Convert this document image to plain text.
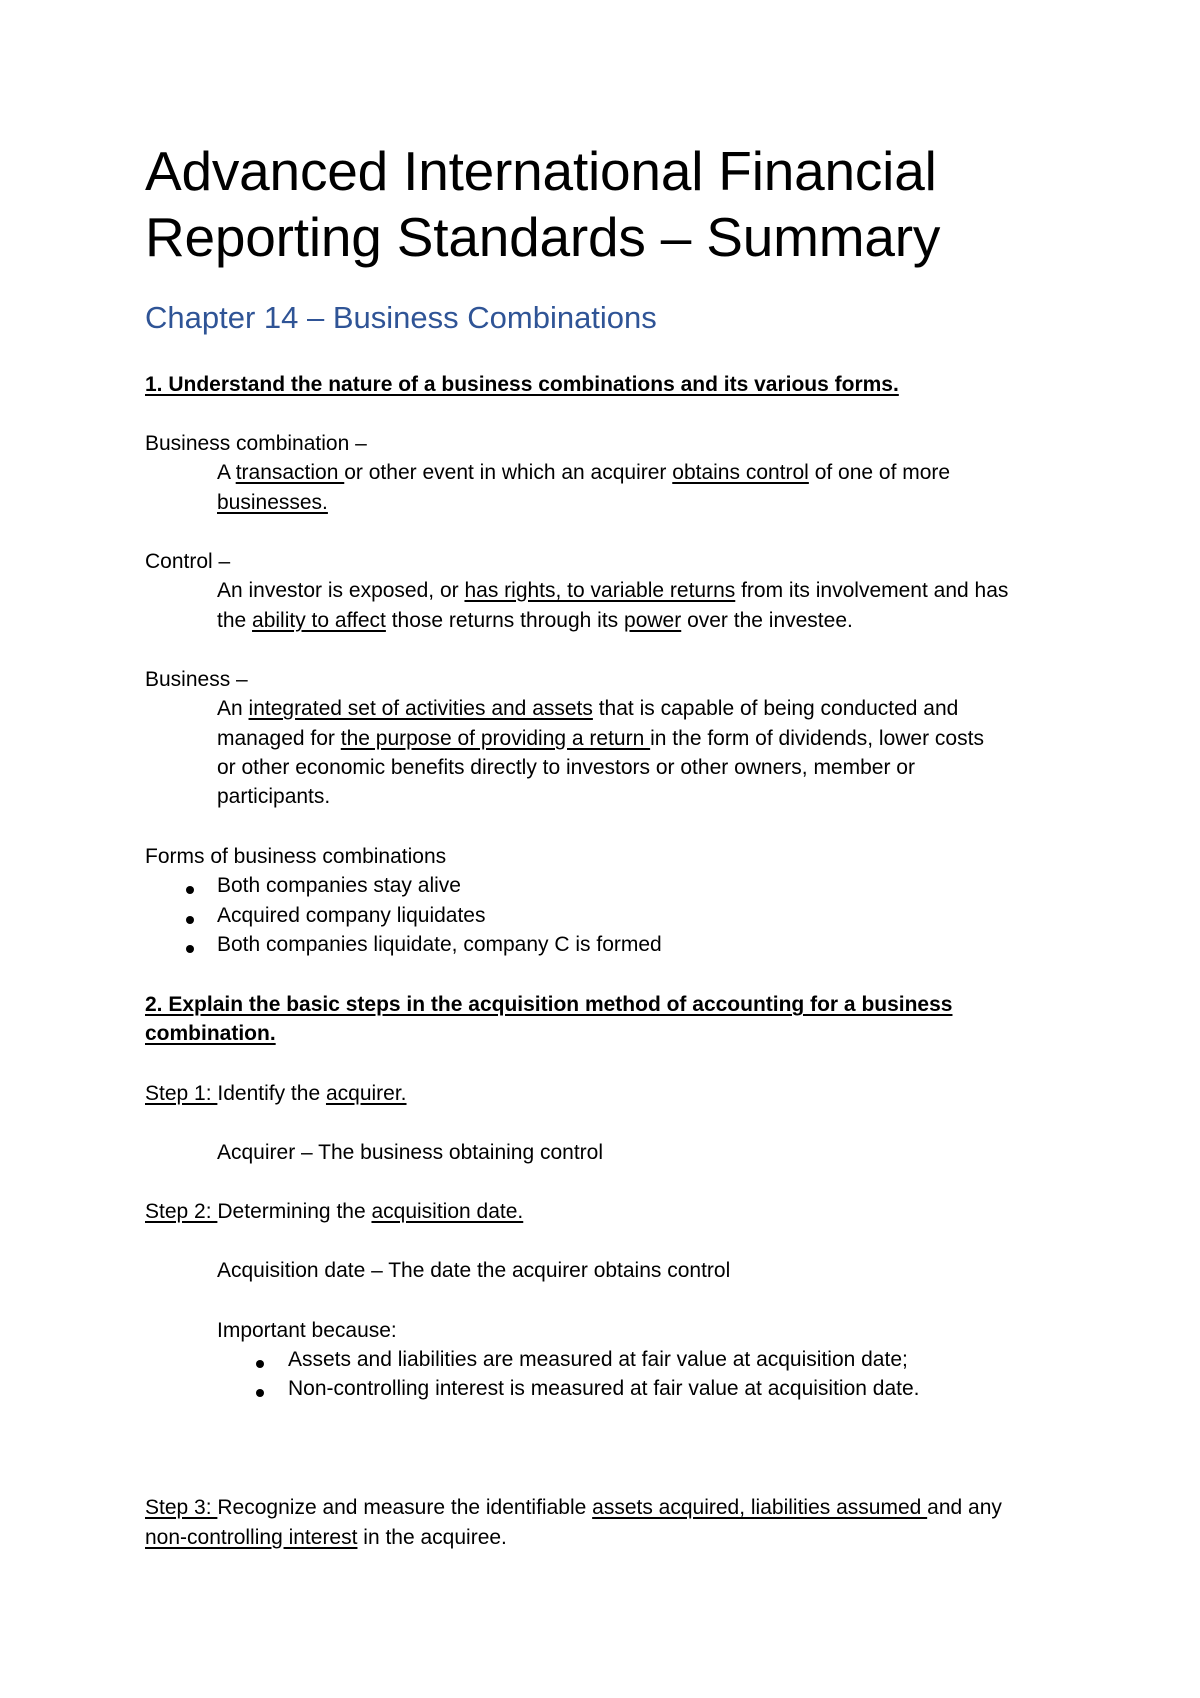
Advanced International Financial
Reporting Standards – Summary
Chapter 14 – Business Combinations
1. Understand the nature of a business combinations and its various forms.
Business combination –
A transaction or other event in which an acquirer obtains control of one of more
businesses.
Control –
An investor is exposed, or has rights, to variable returns from its involvement and has
the ability to affect those returns through its power over the investee.
Business –
An integrated set of activities and assets that is capable of being conducted and
managed for the purpose of providing a return in the form of dividends, lower costs
or other economic benefits directly to investors or other owners, member or
participants.
Forms of business combinations
Both companies stay alive
Acquired company liquidates
Both companies liquidate, company C is formed
2. Explain the basic steps in the acquisition method of accounting for a business
combination.
Step 1: Identify the acquirer.
Acquirer – The business obtaining control
Step 2: Determining the acquisition date.
Acquisition date – The date the acquirer obtains control
Important because:
Assets and liabilities are measured at fair value at acquisition date;
Non-controlling interest is measured at fair value at acquisition date.
Step 3: Recognize and measure the identifiable assets acquired, liabilities assumed and any
non-controlling interest in the acquiree.
